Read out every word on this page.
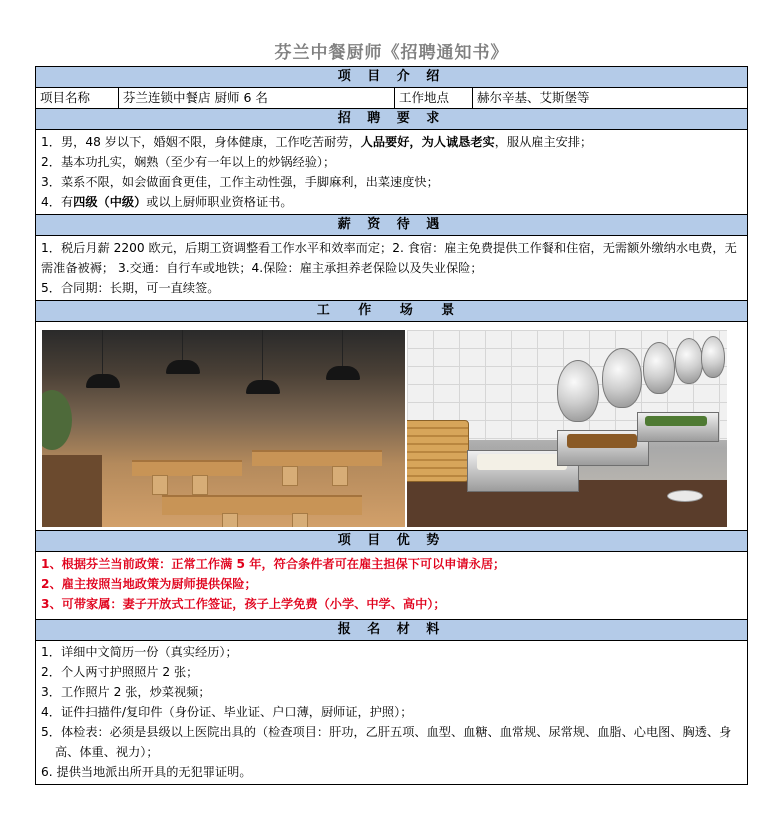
芬兰中餐厨师《招聘通知书》
项 目 介 绍
项目名称	芬兰连锁中餐店 厨师 6 名	工作地点	赫尔辛基、艾斯堡等
招 聘 要 求
1．男，48 岁以下，婚姻不限，身体健康，工作吃苦耐劳，人品要好，为人诚恳老实，服从雇主安排；
2．基本功扎实，娴熟（至少有一年以上的炒锅经验）；
3．菜系不限，如会做面食更佳，工作主动性强，手脚麻利，出菜速度快；
4．有四级（中级）或以上厨师职业资格证书。
薪 资 待 遇
1．税后月薪 2200 欧元，后期工资调整看工作水平和效率而定；2. 食宿：雇主免费提供工作餐和住宿，无需额外缴纳水电费，无需准备被褥； 3.交通：自行车或地铁；4.保险：雇主承担养老保险以及失业保险；
5．合同期：长期，可一直续签。
工 作 场 景
项 目 优 势
1、根据芬兰当前政策：正常工作满 5 年，符合条件者可在雇主担保下可以申请永居；
2、雇主按照当地政策为厨师提供保险；
3、可带家属：妻子开放式工作签证，孩子上学免费（小学、中学、高中）；
报 名 材 料
1．详细中文简历一份（真实经历）；
2．个人两寸护照照片 2 张；
3．工作照片 2 张，炒菜视频；
4．证件扫描件/复印件（身份证、毕业证、户口薄，厨师证，护照）；
5．体检表：必须是县级以上医院出具的（检查项目：肝功，乙肝五项、血型、血糖、血常规、尿常规、血脂、心电图、胸透、身高、体重、视力）；
6. 提供当地派出所开具的无犯罪证明。
